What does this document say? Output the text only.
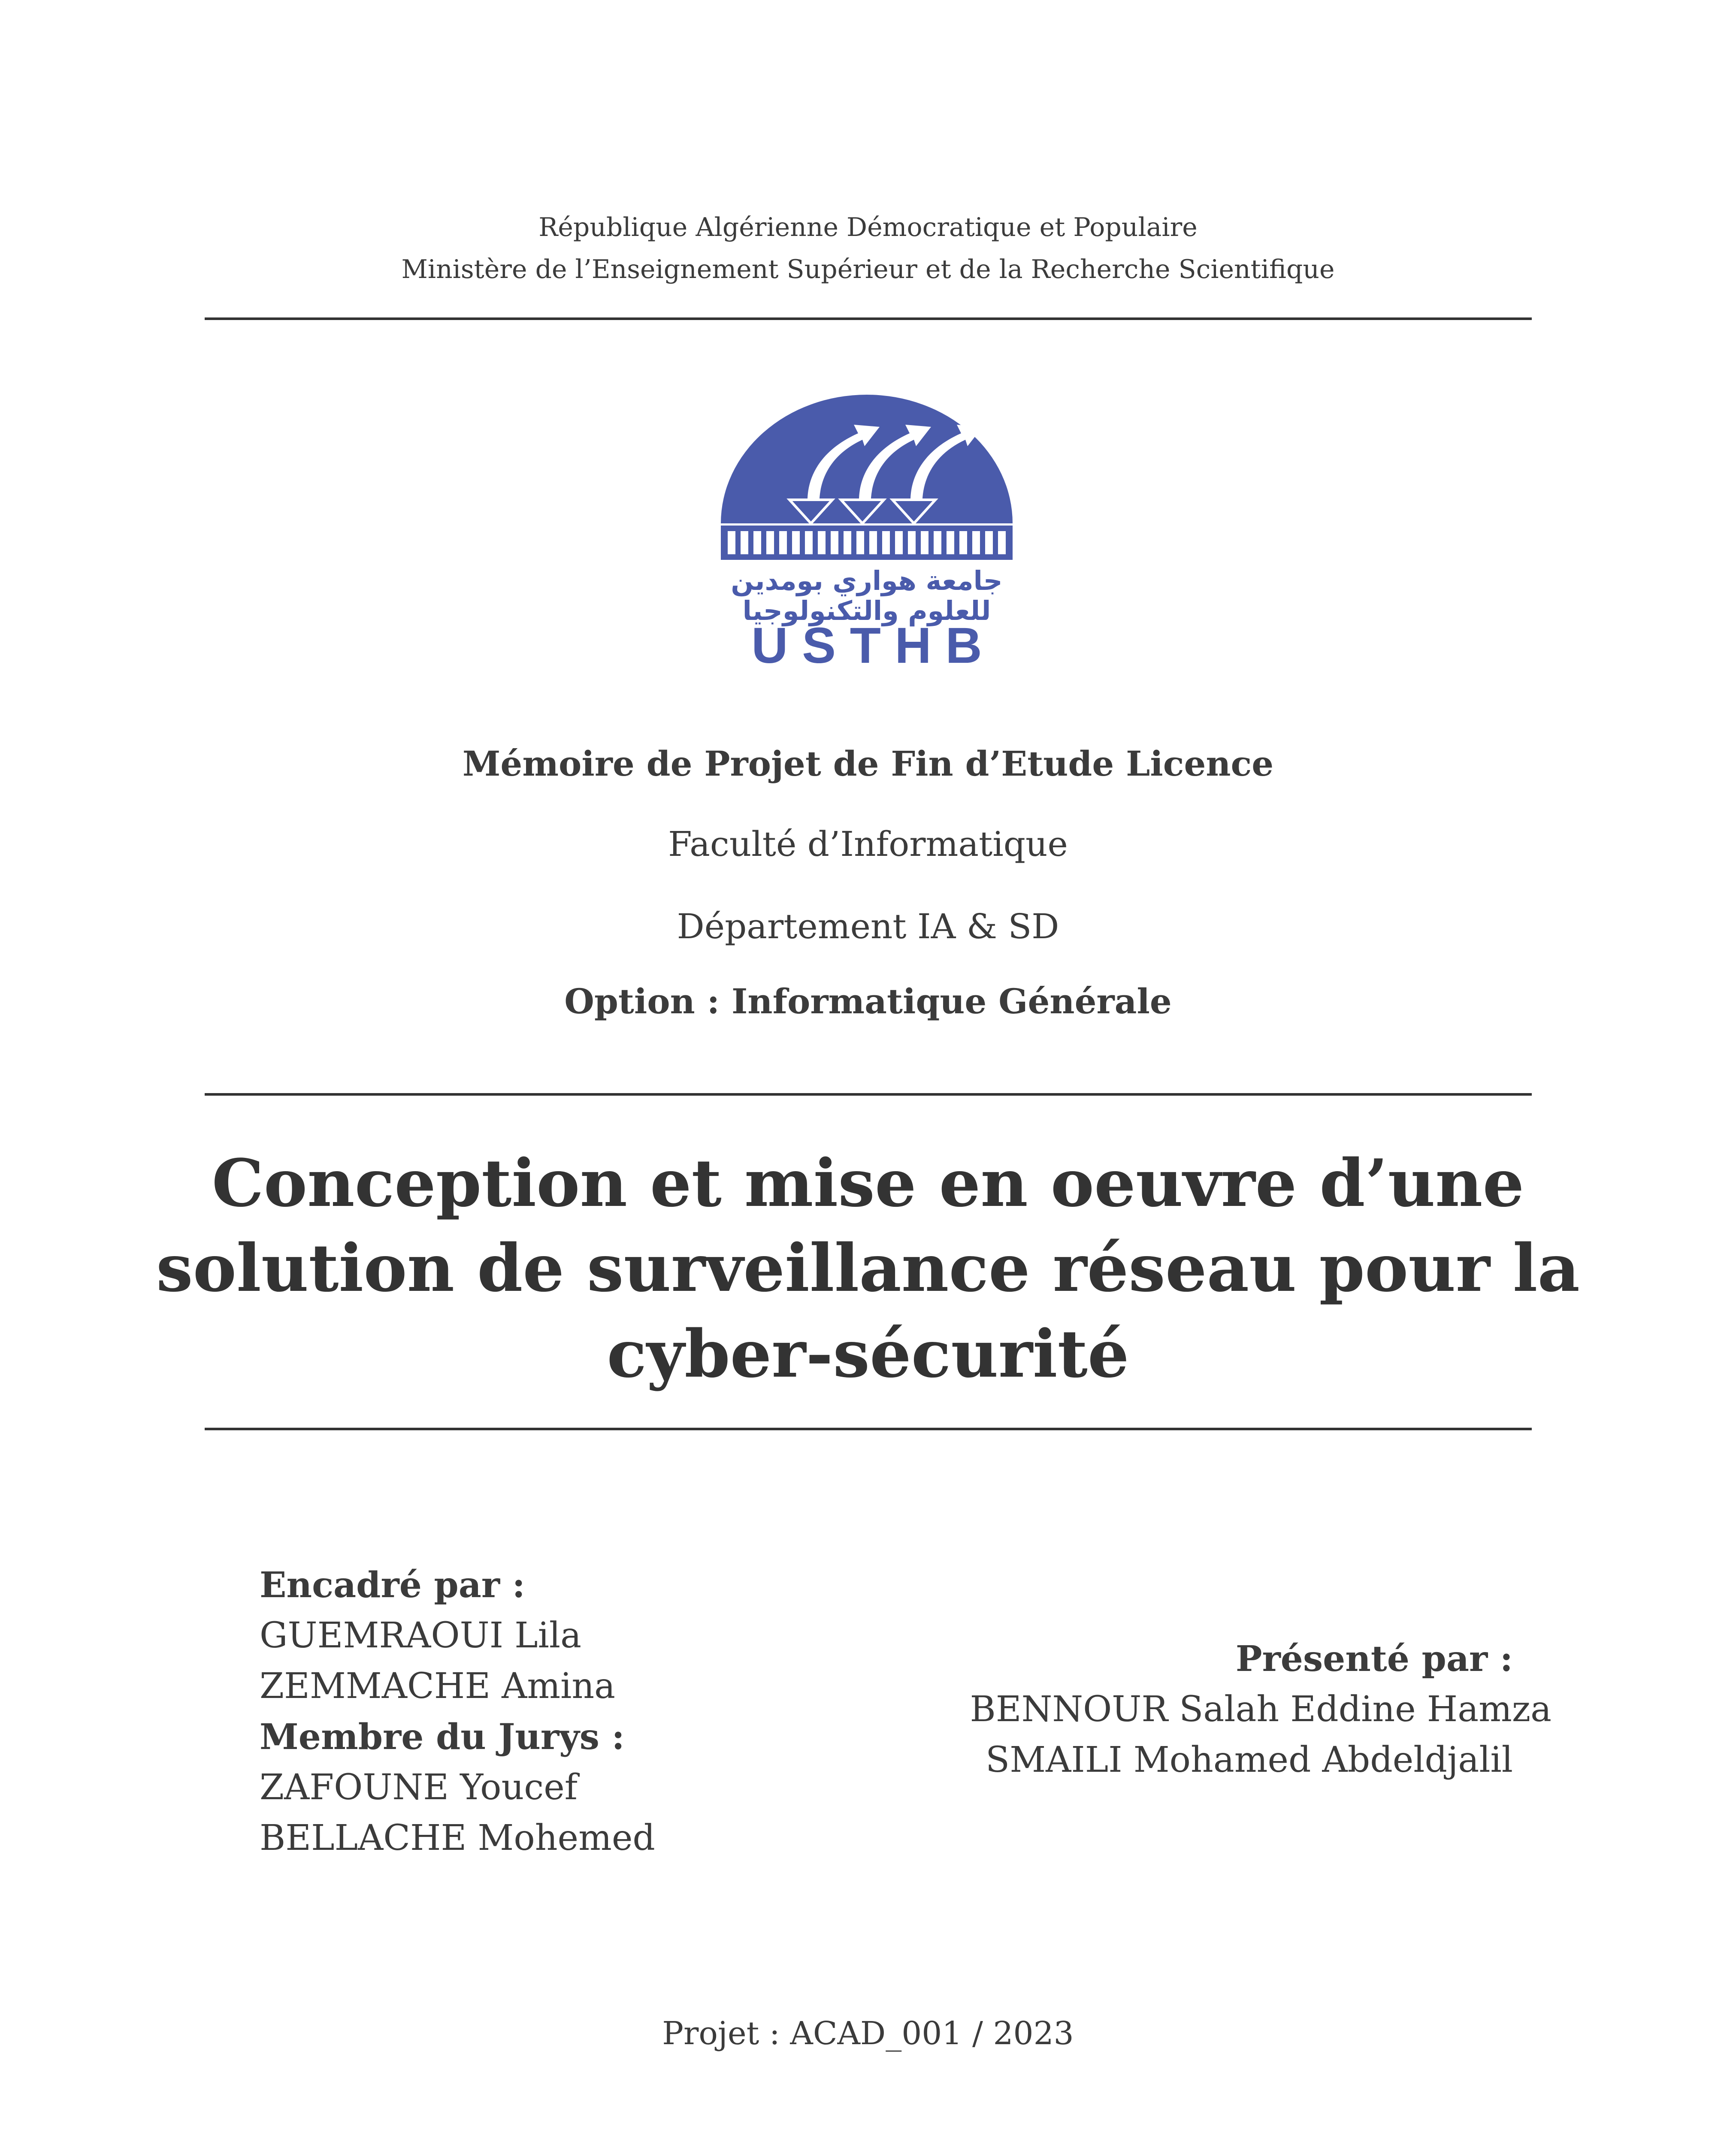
République Algérienne Démocratique et Populaire
Ministère de l’Enseignement Supérieur et de la Recherche Scientifique
جامعة هواري بومدين
للعلوم والتكنولوجيا
U S T H B
Mémoire de Projet de Fin d’Etude Licence
Faculté d’Informatique
Département IA & SD
Option : Informatique Générale
Conception et mise en oeuvre d’une
solution de surveillance réseau pour la
cyber-sécurité
Encadré par :
GUEMRAOUI Lila
ZEMMACHE Amina
Membre du Jurys :
ZAFOUNE Youcef
BELLACHE Mohemed
Présenté par :
BENNOUR Salah Eddine Hamza
SMAILI Mohamed Abdeldjalil
Projet : ACAD_001 / 2023
